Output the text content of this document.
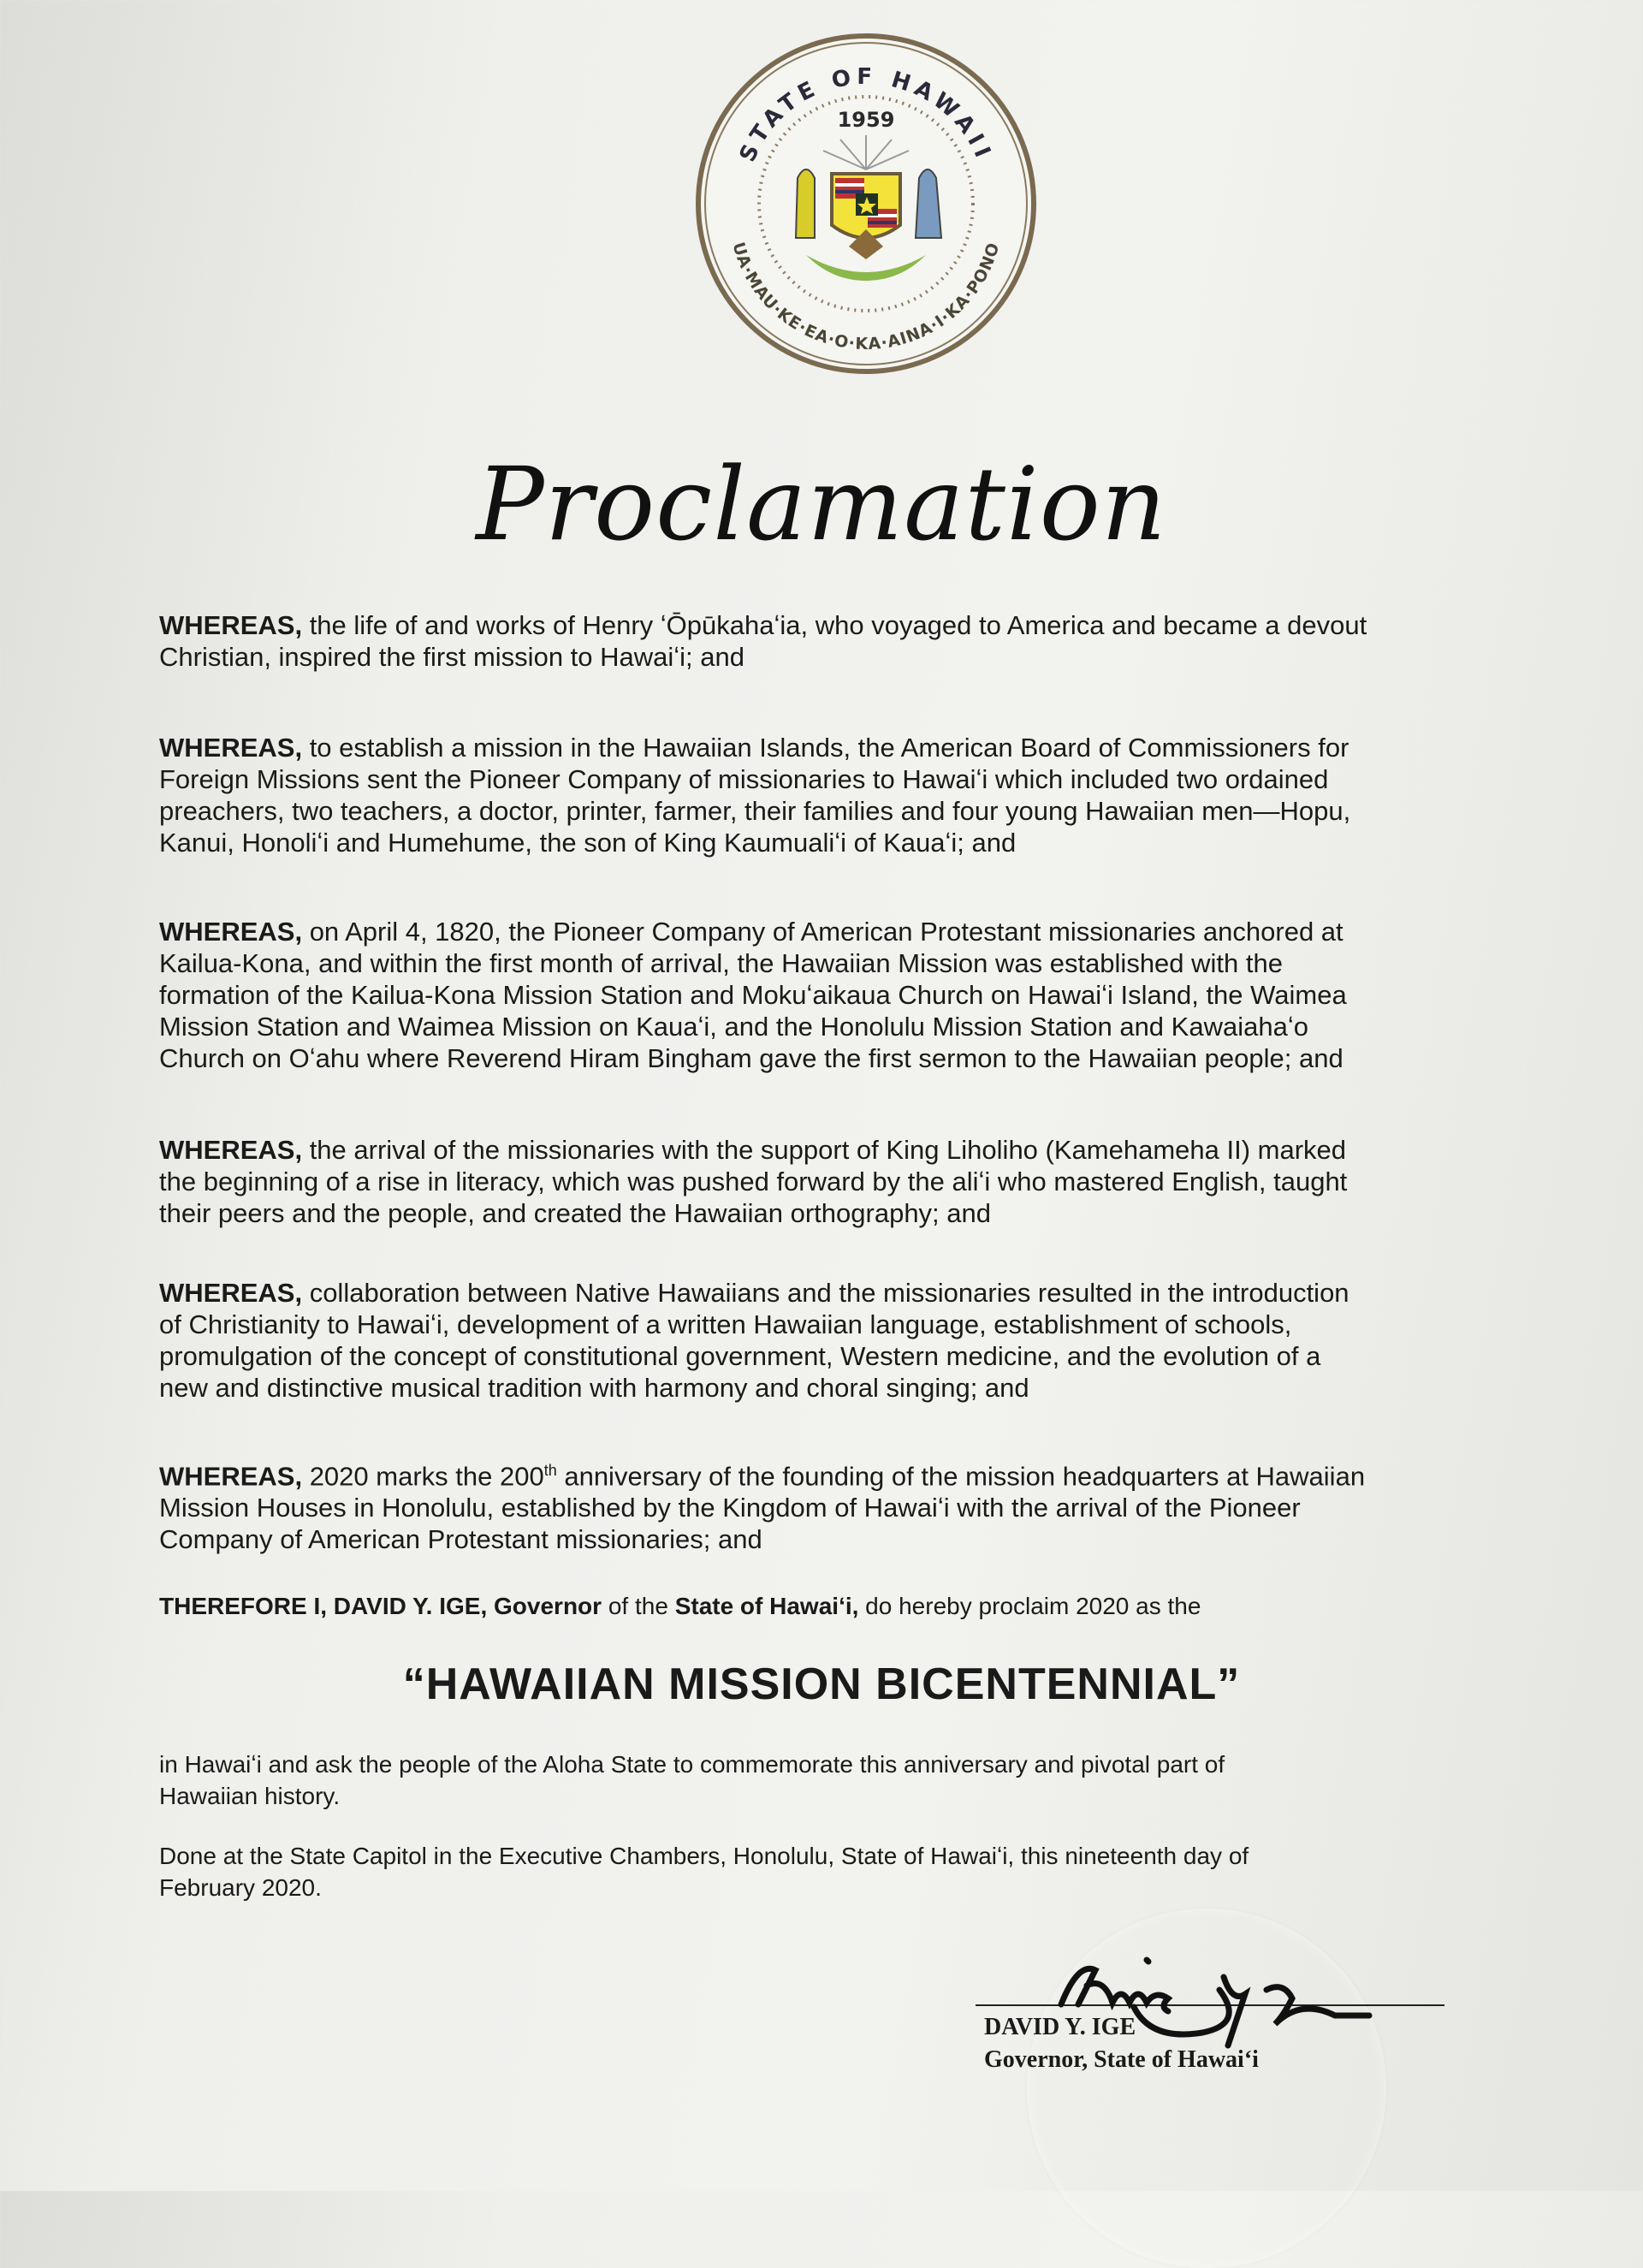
STATE OF HAWAII
UA·MAU·KE·EA·O·KA·AINA·I·KA·PONO
1959
Proclamation
WHEREAS, the life of and works of Henry ʻŌpūkahaʻia, who voyaged to America and became a devout
Christian, inspired the first mission to Hawaiʻi; and
WHEREAS, to establish a mission in the Hawaiian Islands, the American Board of Commissioners for
Foreign Missions sent the Pioneer Company of missionaries to Hawaiʻi which included two ordained
preachers, two teachers, a doctor, printer, farmer, their families and four young Hawaiian men—Hopu,
Kanui, Honoliʻi and Humehume, the son of King Kaumualiʻi of Kauaʻi; and
WHEREAS, on April 4, 1820, the Pioneer Company of American Protestant missionaries anchored at
Kailua-Kona, and within the first month of arrival, the Hawaiian Mission was established with the
formation of the Kailua-Kona Mission Station and Mokuʻaikaua Church on Hawaiʻi Island, the Waimea
Mission Station and Waimea Mission on Kauaʻi, and the Honolulu Mission Station and Kawaiahaʻo
Church on Oʻahu where Reverend Hiram Bingham gave the first sermon to the Hawaiian people; and
WHEREAS, the arrival of the missionaries with the support of King Liholiho (Kamehameha II) marked
the beginning of a rise in literacy, which was pushed forward by the aliʻi who mastered English, taught
their peers and the people, and created the Hawaiian orthography; and
WHEREAS, collaboration between Native Hawaiians and the missionaries resulted in the introduction
of Christianity to Hawaiʻi, development of a written Hawaiian language, establishment of schools,
promulgation of the concept of constitutional government, Western medicine, and the evolution of a
new and distinctive musical tradition with harmony and choral singing; and
WHEREAS, 2020 marks the 200th anniversary of the founding of the mission headquarters at Hawaiian
Mission Houses in Honolulu, established by the Kingdom of Hawaiʻi with the arrival of the Pioneer
Company of American Protestant missionaries; and
THEREFORE I, DAVID Y. IGE, Governor of the State of Hawaiʻi, do hereby proclaim 2020 as the
“HAWAIIAN MISSION BICENTENNIAL”
in Hawaiʻi and ask the people of the Aloha State to commemorate this anniversary and pivotal part of
Hawaiian history.
Done at the State Capitol in the Executive Chambers, Honolulu, State of Hawaiʻi, this nineteenth day of
February 2020.
DAVID Y. IGE
Governor, State of Hawaiʻi
